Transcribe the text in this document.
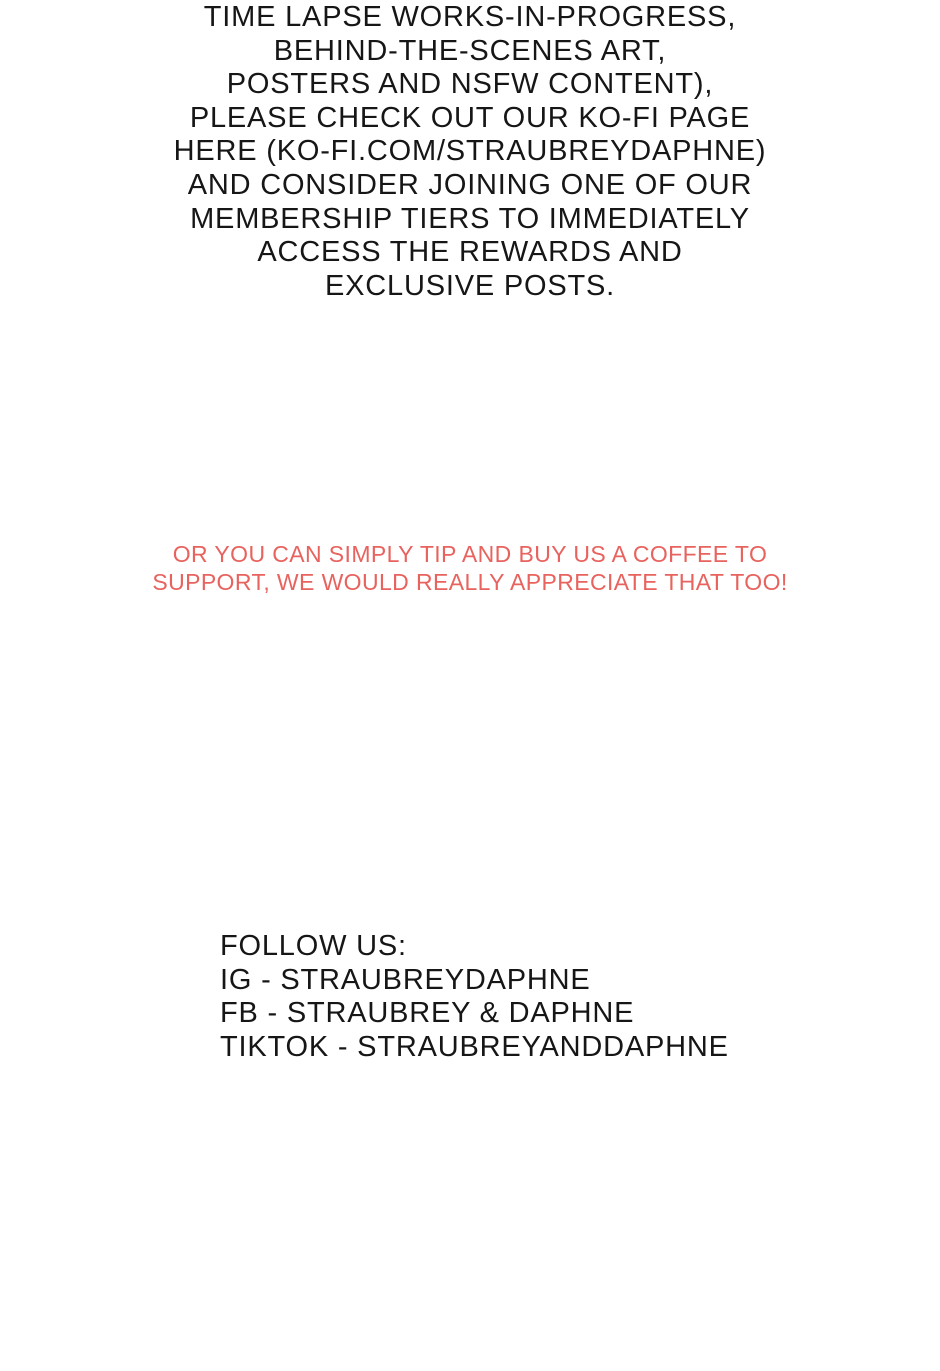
TIME LAPSE WORKS-IN-PROGRESS,
BEHIND-THE-SCENES ART,
POSTERS AND NSFW CONTENT),
PLEASE CHECK OUT OUR KO-FI PAGE
HERE (KO-FI.COM/STRAUBREYDAPHNE)
AND CONSIDER JOINING ONE OF OUR
MEMBERSHIP TIERS TO IMMEDIATELY
ACCESS THE REWARDS AND
EXCLUSIVE POSTS.
OR YOU CAN SIMPLY TIP AND BUY US A COFFEE TO
SUPPORT, WE WOULD REALLY APPRECIATE THAT TOO!
FOLLOW US:
IG - STRAUBREYDAPHNE
FB - STRAUBREY & DAPHNE
TIKTOK - STRAUBREYANDDAPHNE
